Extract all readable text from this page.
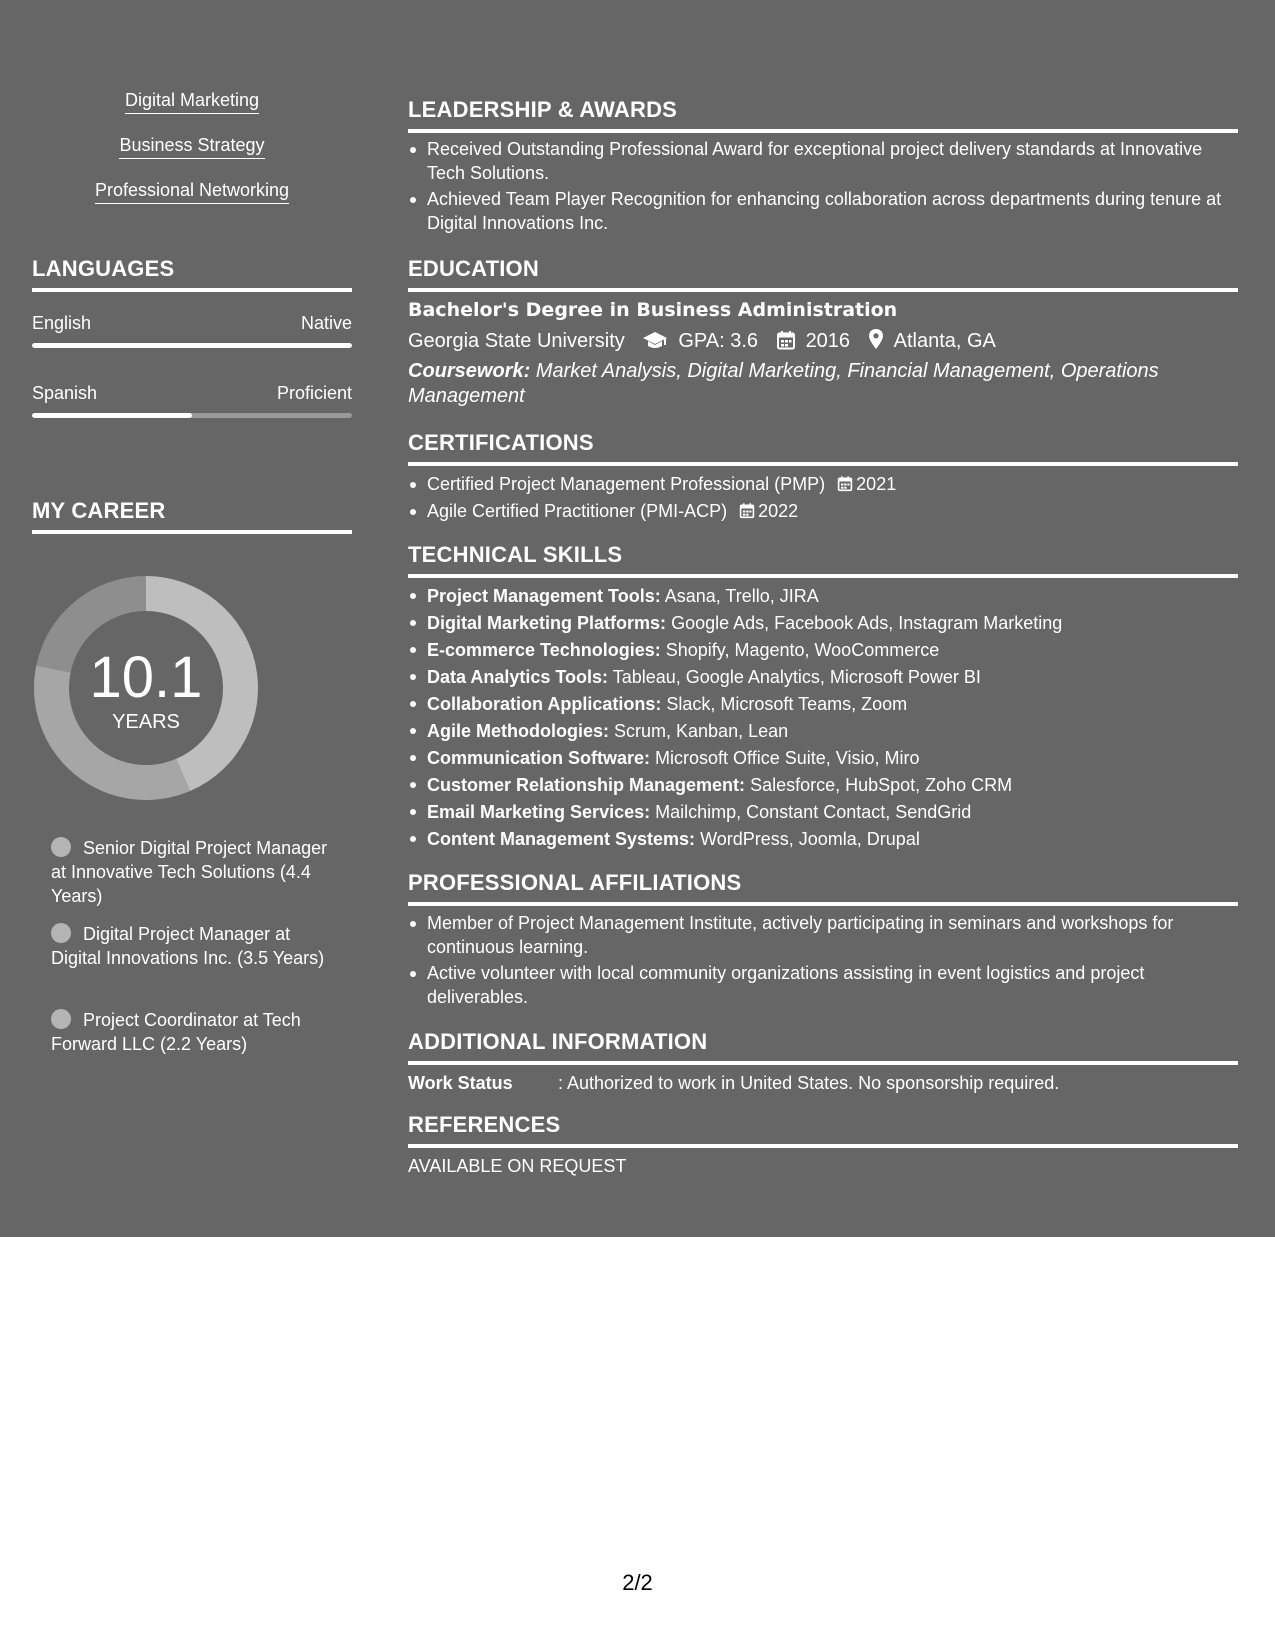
Digital Marketing
Business Strategy
Professional Networking
LANGUAGES
English	Native
Spanish	Proficient
MY CAREER
10.1
YEARS
Senior Digital Project Manager at Innovative Tech Solutions (4.4 Years)
Digital Project Manager at Digital Innovations Inc. (3.5 Years)
Project Coordinator at Tech Forward LLC (2.2 Years)
LEADERSHIP & AWARDS
Received Outstanding Professional Award for exceptional project delivery standards at Innovative Tech Solutions.
Achieved Team Player Recognition for enhancing collaboration across departments during tenure at Digital Innovations Inc.
EDUCATION
Bachelor's Degree in Business Administration
Georgia State University	GPA: 3.6 2016 Atlanta, GA
Coursework: Market Analysis, Digital Marketing, Financial Management, Operations Management
CERTIFICATIONS
Certified Project Management Professional (PMP) 2021
Agile Certified Practitioner (PMI-ACP) 2022
TECHNICAL SKILLS
Project Management Tools: Asana, Trello, JIRA
Digital Marketing Platforms: Google Ads, Facebook Ads, Instagram Marketing
E-commerce Technologies: Shopify, Magento, WooCommerce
Data Analytics Tools: Tableau, Google Analytics, Microsoft Power BI
Collaboration Applications: Slack, Microsoft Teams, Zoom
Agile Methodologies: Scrum, Kanban, Lean
Communication Software: Microsoft Office Suite, Visio, Miro
Customer Relationship Management: Salesforce, HubSpot, Zoho CRM
Email Marketing Services: Mailchimp, Constant Contact, SendGrid
Content Management Systems: WordPress, Joomla, Drupal
PROFESSIONAL AFFILIATIONS
Member of Project Management Institute, actively participating in seminars and workshops for continuous learning.
Active volunteer with local community organizations assisting in event logistics and project deliverables.
ADDITIONAL INFORMATION
Work Status	: Authorized to work in United States. No sponsorship required.
REFERENCES
AVAILABLE ON REQUEST
2/2
